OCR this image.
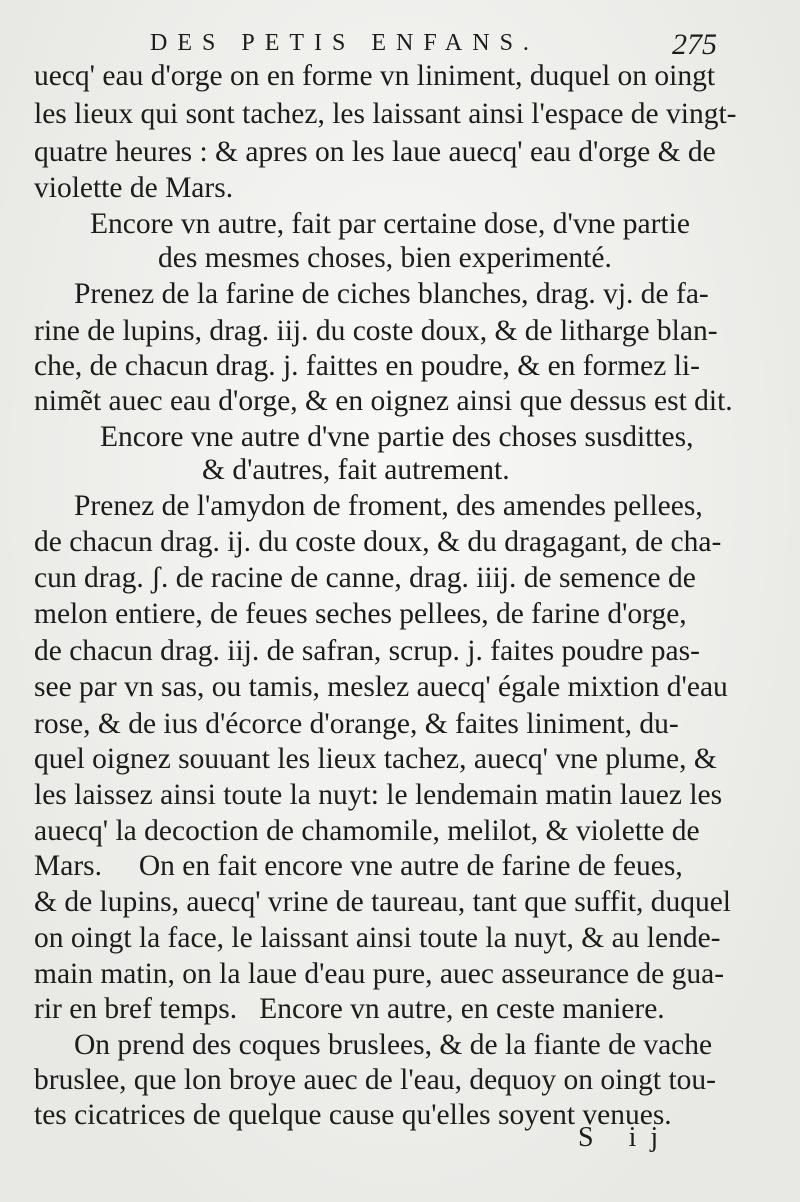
DES PETIS ENFANS.	275
uecq' eau d'orge on en forme vn liniment, duquel on oingt
les lieux qui sont tachez, les laissant ainsi l'espace de vingt-
quatre heures : & apres on les laue auecq' eau d'orge & de
violette de Mars.
Encore vn autre, fait par certaine dose, d'vne partie
des mesmes choses, bien experimenté.
Prenez de la farine de ciches blanches, drag. vj. de fa-
rine de lupins, drag. iij. du coste doux, & de litharge blan-
che, de chacun drag. j. faittes en poudre, & en formez li-
nimẽt auec eau d'orge, & en oignez ainsi que dessus est dit.
Encore vne autre d'vne partie des choses susdittes,
& d'autres, fait autrement.
Prenez de l'amydon de froment, des amendes pellees,
de chacun drag. ij. du coste doux, & du dragagant, de cha-
cun drag. ʃ. de racine de canne, drag. iiij. de semence de
melon entiere, de feues seches pellees, de farine d'orge,
de chacun drag. iij. de safran, scrup. j. faites poudre pas-
see par vn sas, ou tamis, meslez auecq' égale mixtion d'eau
rose, & de ius d'écorce d'orange, & faites liniment, du-
quel oignez souuant les lieux tachez, auecq' vne plume, &
les laissez ainsi toute la nuyt: le lendemain matin lauez les
auecq' la decoction de chamomile, melilot, & violette de
Mars.     On en fait encore vne autre de farine de feues,
& de lupins, auecq' vrine de taureau, tant que suffit, duquel
on oingt la face, le laissant ainsi toute la nuyt, & au lende-
main matin, on la laue d'eau pure, auec asseurance de gua-
rir en bref temps.   Encore vn autre, en ceste maniere.
On prend des coques bruslees, & de la fiante de vache
bruslee, que lon broye auec de l'eau, dequoy on oingt tou-
tes cicatrices de quelque cause qu'elles soyent venues.
S ij
